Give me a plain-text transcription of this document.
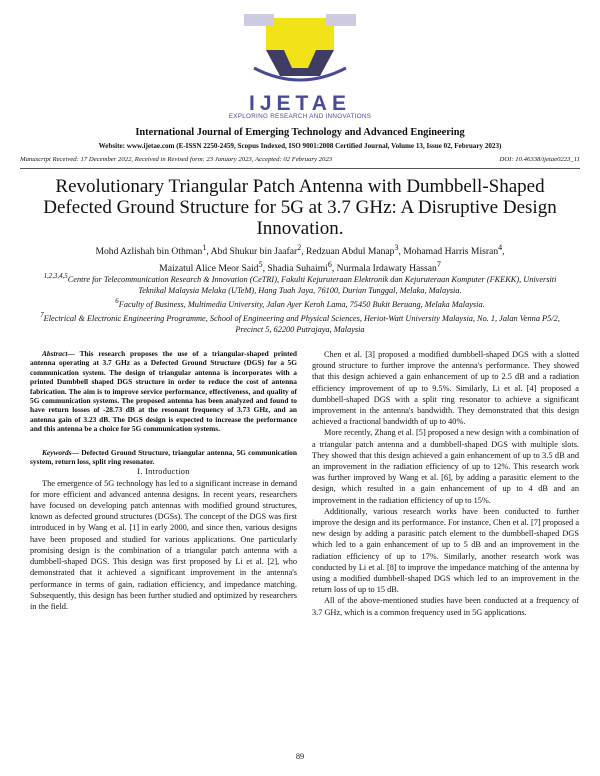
IJETAE
EXPLORING RESEARCH AND INNOVATIONS
International Journal of Emerging Technology and Advanced Engineering
Website: www.ijetae.com (E-ISSN 2250-2459, Scopus Indexed, ISO 9001:2008 Certified Journal, Volume 13, Issue 02, February 2023)
Manuscript Received: 17 December 2022, Received in Revised form: 23 January 2023, Accepted: 02 February 2023	DOI: 10.46338/ijetae0223_11
Revolutionary Triangular Patch Antenna with Dumbbell-Shaped Defected Ground Structure for 5G at 3.7 GHz: A Disruptive Design Innovation.
Mohd Azlishah bin Othman$^1$, Abd Shukur bin Jaafar$^2$, Redzuan Abdul Manap$^3$, Mohamad Harris Misran$^4$,
Maizatul Alice Meor Said$^5$, Shadia Suhaimi$^6$, Nurmala Irdawaty Hassan$^7$

$^{1,2,3,4,5}$Centre for Telecommunication Research & Innovation (CeTRI), Fakulti Kejuruteraan Elektronik dan Kejuruteraan Komputer (FKEKK), Universiti Teknikal Malaysia Melaka (UTeM), Hang Tuah Jaya, 76100, Durian Tunggal, Melaka, Malaysia.

$^6$Faculty of Business, Multimedia University, Jalan Ayer Keroh Lama, 75450 Bukit Beruang, Melaka Malaysia.

$^7$Electrical & Electronic Engineering Programme, School of Engineering and Physical Sciences, Heriot-Watt University Malaysia, No. 1, Jalan Venna P5/2, Precinct 5, 62200 Putrajaya, Malaysia

Abstract— This research proposes the use of a triangular-shaped printed antenna operating at 3.7 GHz as a Defected Ground Structure (DGS) for a 5G communication system. The design of triangular antenna is incorporates with a printed Dumbbell shaped DGS structure in order to reduce the cost of antenna fabrication. The aim is to improve service performance, effectiveness, and quality of 5G communication systems. The proposed antenna has been analyzed and found to have return losses of -28.73 dB at the resonant frequency of 3.73 GHz, and an antenna gain of 3.23 dB. The DGS design is expected to increase the performance and this antenna be a choice for 5G communication systems.

Keywords— Defected Ground Structure, triangular antenna, 5G communication system, return loss, split ring resonator.

I. Introduction

The emergence of 5G technology has led to a significant increase in demand for more efficient and advanced antenna designs. In recent years, researchers have focused on developing patch antennas with modified ground structures, known as defected ground structures (DGSs). The concept of the DGS was first introduced in by Wang et al. [1] in early 2000, and since then, various designs have been proposed and studied for various applications. One particularly promising design is the combination of a triangular patch antenna with a dumbbell-shaped DGS. This design was first proposed by Li et al. [2], who demonstrated that it achieved a significant improvement in the antenna's performance in terms of gain, radiation efficiency, and impedance matching. Subsequently, this design has been further studied and optimized by researchers in the field.

Chen et al. [3] proposed a modified dumbbell-shaped DGS with a slotted ground structure to further improve the antenna's performance. They showed that this design achieved a gain enhancement of up to 2.5 dB and a radiation efficiency improvement of up to 9.5%. Similarly, Li et al. [4] proposed a dumbbell-shaped DGS with a split ring resonator to achieve a significant improvement in the antenna's bandwidth. They demonstrated that this design achieved a fractional bandwidth of up to 40%.

More recently, Zhang et al. [5] proposed a new design with a combination of a triangular patch antenna and a dumbbell-shaped DGS with multiple slots. They showed that this design achieved a gain enhancement of up to 3.5 dB and an improvement in the radiation efficiency of up to 12%. This research work was further improved by Wang et al. [6], by adding a parasitic element to the design, which resulted in a gain enhancement of up to 4 dB and an improvement in the radiation efficiency of up to 15%.

Additionally, various research works have been conducted to further improve the design and its performance. For instance, Chen et al. [7] proposed a new design by adding a parasitic patch element to the dumbbell-shaped DGS which led to a gain enhancement of up to 5 dB and an improvement in the radiation efficiency of up to 17%. Similarly, another research work was conducted by Li et al. [8] to improve the impedance matching of the antenna by using a modified dumbbell-shaped DGS which led to an improvement in the return loss of up to 15 dB.

All of the above-mentioned studies have been conducted at a frequency of 3.7 GHz, which is a common frequency used in 5G applications.

89
